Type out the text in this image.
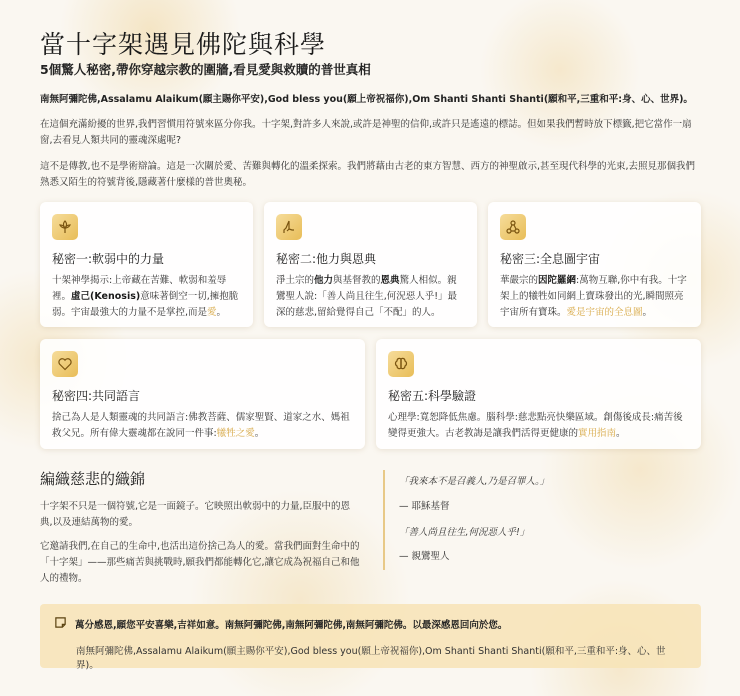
當十字架遇見佛陀與科學

5個驚人秘密,帶你穿越宗教的圍牆,看見愛與救贖的普世真相

南無阿彌陀佛,Assalamu Alaikum(願主賜你平安),God bless you(願上帝祝福你),Om Shanti Shanti Shanti(願和平,三重和平:身、心、世界)。

在這個充滿紛擾的世界,我們習慣用符號來區分你我。十字架,對許多人來說,或許是神聖的信仰,或許只是遙遠的標誌。但如果我們暫時放下標籤,把它當作一扇窗,去看見人類共同的靈魂深處呢?

這不是傳教,也不是學術辯論。這是一次關於愛、苦難與轉化的溫柔探索。我們將藉由古老的東方智慧、西方的神聖啟示,甚至現代科學的光束,去照見那個我們熟悉又陌生的符號背後,隱藏著什麼樣的普世奧秘。

秘密一:軟弱中的力量

十架神學揭示:上帝藏在苦難、軟弱和羞辱裡。虛己(Kenosis)意味著倒空一切,擁抱脆弱。宇宙最強大的力量不是掌控,而是愛。

秘密二:他力與恩典

淨土宗的他力與基督教的恩典驚人相似。親鸞聖人說:「善人尚且往生,何況惡人乎!」最深的慈悲,留給覺得自己「不配」的人。

秘密三:全息圖宇宙

華嚴宗的因陀羅網:萬物互聯,你中有我。十字架上的犧牲如同網上寶珠發出的光,瞬間照亮宇宙所有寶珠。愛是宇宙的全息圖。

秘密四:共同語言

捨己為人是人類靈魂的共同語言:佛教菩薩、儒家聖賢、道家之水、媽祖救父兄。所有偉大靈魂都在說同一件事:犧牲之愛。

秘密五:科學驗證

心理學:寬恕降低焦慮。腦科學:慈悲點亮快樂區域。創傷後成長:痛苦後變得更強大。古老教誨是讓我們活得更健康的實用指南。

編織慈悲的織錦

十字架不只是一個符號,它是一面鏡子。它映照出軟弱中的力量,臣服中的恩典,以及連結萬物的愛。

它邀請我們,在自己的生命中,也活出這份捨己為人的愛。當我們面對生命中的「十字架」——那些痛苦與挑戰時,願我們都能轉化它,讓它成為祝福自己和他人的禮物。

「我來本不是召義人,乃是召罪人。」

— 耶穌基督

「善人尚且往生,何況惡人乎!」

— 親鸞聖人

萬分感恩,願您平安喜樂,吉祥如意。南無阿彌陀佛,南無阿彌陀佛,南無阿彌陀佛。以最深感恩回向於您。
南無阿彌陀佛,Assalamu Alaikum(願主賜你平安),God bless you(願上帝祝福你),Om Shanti Shanti Shanti(願和平,三重和平:身、心、世界)。
